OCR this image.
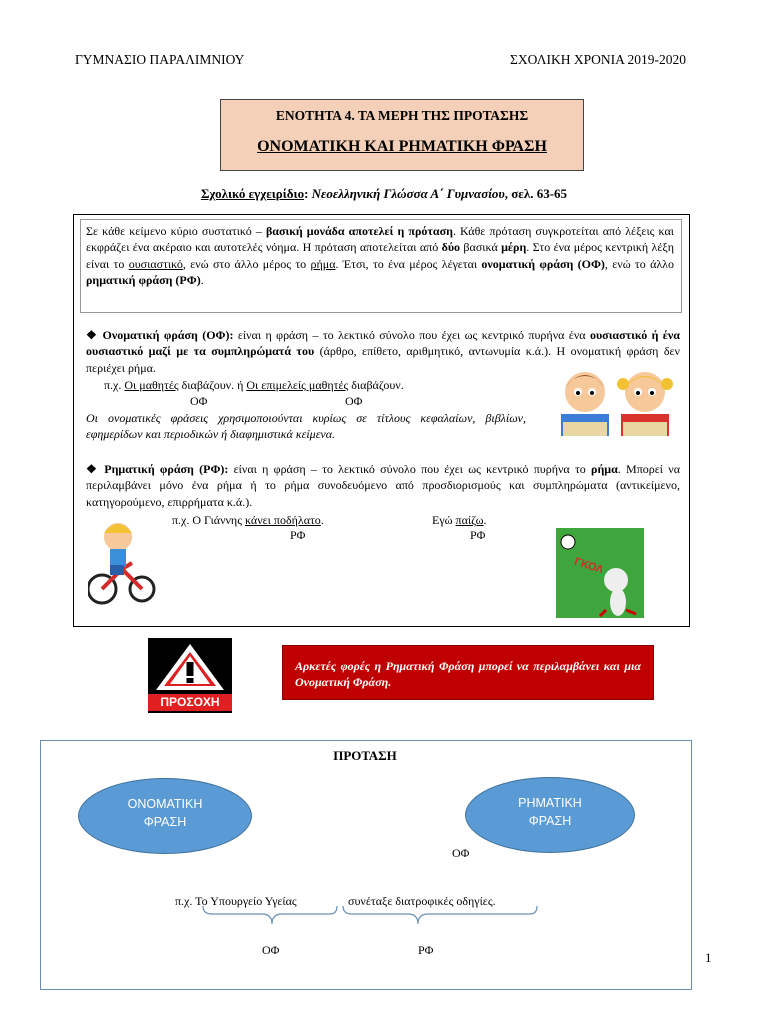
ΓΥΜΝΑΣΙΟ ΠΑΡΑΛΙΜΝΙΟΥ	ΣΧΟΛΙΚΗ ΧΡΟΝΙΑ 2019-2020
ΕΝΟΤΗΤΑ 4. ΤΑ ΜΕΡΗ ΤΗΣ ΠΡΟΤΑΣΗΣ
ΟΝΟΜΑΤΙΚΗ ΚΑΙ ΡΗΜΑΤΙΚΗ ΦΡΑΣΗ
Σχολικό εγχειρίδιο: Νεοελληνική Γλώσσα Α΄ Γυμνασίου, σελ. 63-65
Σε κάθε κείμενο κύριο συστατικό – βασική μονάδα αποτελεί η πρόταση. Κάθε πρόταση συγκροτείται από λέξεις και εκφράζει ένα ακέραιο και αυτοτελές νόημα. Η πρόταση αποτελείται από δύο βασικά μέρη. Στο ένα μέρος κεντρική λέξη είναι το ουσιαστικό, ενώ στο άλλο μέρος το ρήμα. Έτσι, το ένα μέρος λέγεται ονοματική φράση (ΟΦ), ενώ το άλλο ρηματική φράση (ΡΦ).
❖ Ονοματική φράση (ΟΦ): είναι η φράση – το λεκτικό σύνολο που έχει ως κεντρικό πυρήνα ένα ουσιαστικό ή ένα ουσιαστικό μαζί με τα συμπληρώματά του (άρθρο, επίθετο, αριθμητικό, αντωνυμία κ.ά.). Η ονοματική φράση δεν περιέχει ρήμα.
π.χ. Οι μαθητές διαβάζουν. ή Οι επιμελείς μαθητές διαβάζουν.
ΟΦ	ΟΦ
Οι ονοματικές φράσεις χρησιμοποιούνται κυρίως σε τίτλους κεφαλαίων, βιβλίων, εφημερίδων και περιοδικών ή διαφημιστικά κείμενα.
❖ Ρηματική φράση (ΡΦ): είναι η φράση – το λεκτικό σύνολο που έχει ως κεντρικό πυρήνα το ρήμα. Μπορεί να περιλαμβάνει μόνο ένα ρήμα ή το ρήμα συνοδευόμενο από προσδιορισμούς και συμπληρώματα (αντικείμενο, κατηγορούμενο, επιρρήματα κ.ά.).
π.χ. Ο Γιάννης κάνει ποδήλατο.	Εγώ παίζω.
ΡΦ	ΡΦ
ΓΚΟΛ
ΠΡΟΣΟΧΗ
Αρκετές φορές η Ρηματική Φράση μπορεί να περιλαμβάνει και μια Ονοματική Φράση.
ΠΡΟΤΑΣΗ
ΟΝΟΜΑΤΙΚΗ ΦΡΑΣΗ
ΡΗΜΑΤΙΚΗ ΦΡΑΣΗ
ΟΦ
π.χ. Το Υπουργείο Υγείας	συνέταξε διατροφικές οδηγίες.
ΟΦ	ΡΦ	1
